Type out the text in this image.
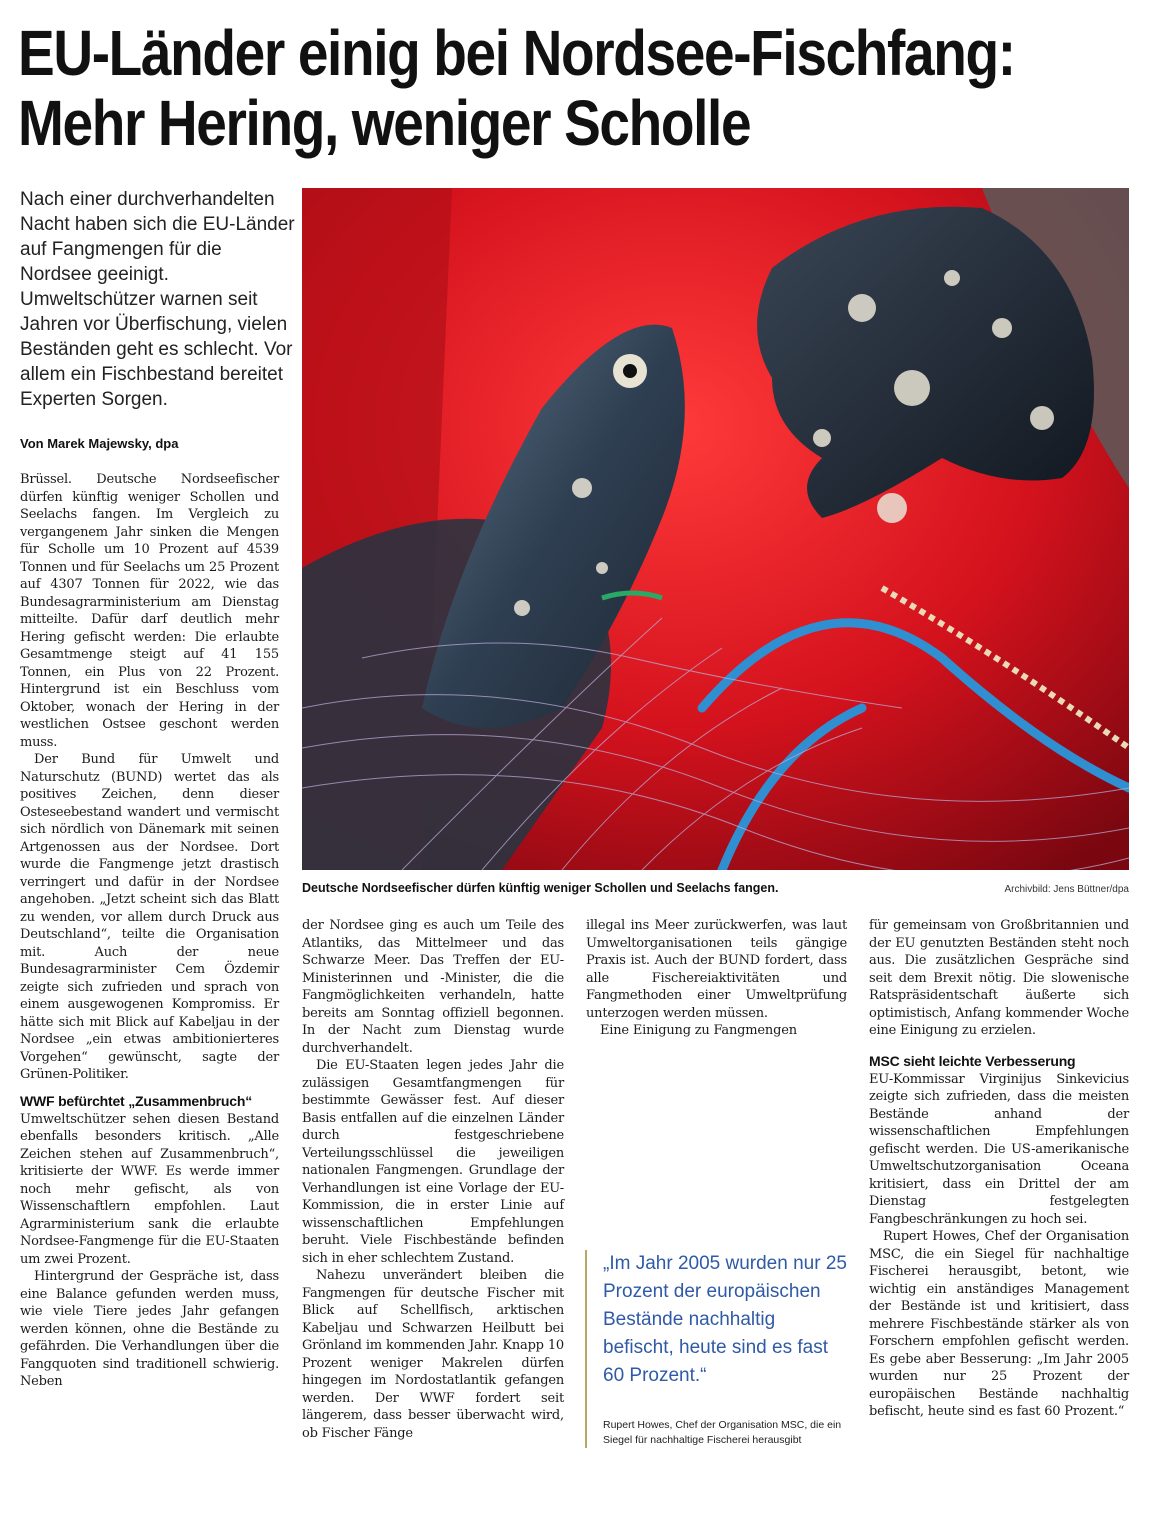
EU-Länder einig bei Nordsee-Fischfang:
Mehr Hering, weniger Scholle
Nach einer durchverhandelten Nacht haben sich die EU-Länder auf Fangmengen für die Nordsee geeinigt. Umweltschützer warnen seit Jahren vor Überfischung, vielen Beständen geht es schlecht. Vor allem ein Fischbestand bereitet Experten Sorgen.
Von Marek Majewsky, dpa
Deutsche Nordseefischer dürfen künftig weniger Schollen und Seelachs fangen.	Archivbild: Jens Büttner/dpa

Brüssel. Deutsche Nordseefischer dürfen künftig weniger Schollen und Seelachs fangen. Im Vergleich zu vergangenem Jahr sinken die Mengen für Scholle um 10 Prozent auf 4539 Tonnen und für Seelachs um 25 Prozent auf 4307 Tonnen für 2022, wie das Bundesagrarministerium am Dienstag mitteilte. Dafür darf deutlich mehr Hering gefischt werden: Die erlaubte Gesamtmenge steigt auf 41 155 Tonnen, ein Plus von 22 Prozent. Hintergrund ist ein Beschluss vom Oktober, wonach der Hering in der westlichen Ostsee geschont werden muss.

Der Bund für Umwelt und Naturschutz (BUND) wertet das als positives Zeichen, denn dieser Osteseebestand wandert und vermischt sich nördlich von Dänemark mit seinen Artgenossen aus der Nordsee. Dort wurde die Fangmenge jetzt drastisch verringert und dafür in der Nordsee angehoben. „Jetzt scheint sich das Blatt zu wenden, vor allem durch Druck aus Deutschland“, teilte die Organisation mit. Auch der neue Bundesagrarminister Cem Özdemir zeigte sich zufrieden und sprach von einem ausgewogenen Kompromiss. Er hätte sich mit Blick auf Kabeljau in der Nordsee „ein etwas ambitionierteres Vorgehen“ gewünscht, sagte der Grünen-Politiker.

WWF befürchtet „Zusammenbruch“

Umweltschützer sehen diesen Bestand ebenfalls besonders kritisch. „Alle Zeichen stehen auf Zusammenbruch“, kritisierte der WWF. Es werde immer noch mehr gefischt, als von Wissenschaftlern empfohlen. Laut Agrarministerium sank die erlaubte Nordsee-Fangmenge für die EU-Staaten um zwei Prozent.

Hintergrund der Gespräche ist, dass eine Balance gefunden werden muss, wie viele Tiere jedes Jahr gefangen werden können, ohne die Bestände zu gefährden. Die Verhandlungen über die Fangquoten sind traditionell schwierig. Neben

der Nordsee ging es auch um Teile des Atlantiks, das Mittelmeer und das Schwarze Meer. Das Treffen der EU-Ministerinnen und -Minister, die die Fangmöglichkeiten verhandeln, hatte bereits am Sonntag offiziell begonnen. In der Nacht zum Dienstag wurde durchverhandelt.

Die EU-Staaten legen jedes Jahr die zulässigen Gesamtfangmengen für bestimmte Gewässer fest. Auf dieser Basis entfallen auf die einzelnen Länder durch festgeschriebene Verteilungsschlüssel die jeweiligen nationalen Fangmengen. Grundlage der Verhandlungen ist eine Vorlage der EU-Kommission, die in erster Linie auf wissenschaftlichen Empfehlungen beruht. Viele Fischbestände befinden sich in eher schlechtem Zustand.

Nahezu unverändert bleiben die Fangmengen für deutsche Fischer mit Blick auf Schellfisch, arktischen Kabeljau und Schwarzen Heilbutt bei Grönland im kommenden Jahr. Knapp 10 Prozent weniger Makrelen dürfen hingegen im Nordostatlantik gefangen werden. Der WWF fordert seit längerem, dass besser überwacht wird, ob Fischer Fänge

illegal ins Meer zurückwerfen, was laut Umweltorganisationen teils gängige Praxis ist. Auch der BUND fordert, dass alle Fischereiaktivitäten und Fangmethoden einer Umweltprüfung unterzogen werden müssen.

Eine Einigung zu Fangmengen

für gemeinsam von Großbritannien und der EU genutzten Beständen steht noch aus. Die zusätzlichen Gespräche sind seit dem Brexit nötig. Die slowenische Ratspräsidentschaft äußerte sich optimistisch, Anfang kommender Woche eine Einigung zu erzielen.

MSC sieht leichte Verbesserung

EU-Kommissar Virginijus Sinkevicius zeigte sich zufrieden, dass die meisten Bestände anhand der wissenschaftlichen Empfehlungen gefischt werden. Die US-amerikanische Umweltschutzorganisation Oceana kritisiert, dass ein Drittel der am Dienstag festgelegten Fangbeschränkungen zu hoch sei.

Rupert Howes, Chef der Organisation MSC, die ein Siegel für nachhaltige Fischerei herausgibt, betont, wie wichtig ein anständiges Management der Bestände ist und kritisiert, dass mehrere Fischbestände stärker als von Forschern empfohlen gefischt werden. Es gebe aber Besserung: „Im Jahr 2005 wurden nur 25 Prozent der europäischen Bestände nachhaltig befischt, heute sind es fast 60 Prozent.“

„Im Jahr 2005 wurden nur 25 Prozent der europäischen Bestände nachhaltig befischt, heute sind es fast 60 Prozent.“

Rupert Howes, Chef der Organisation MSC, die ein Siegel für nachhaltige Fischerei herausgibt
